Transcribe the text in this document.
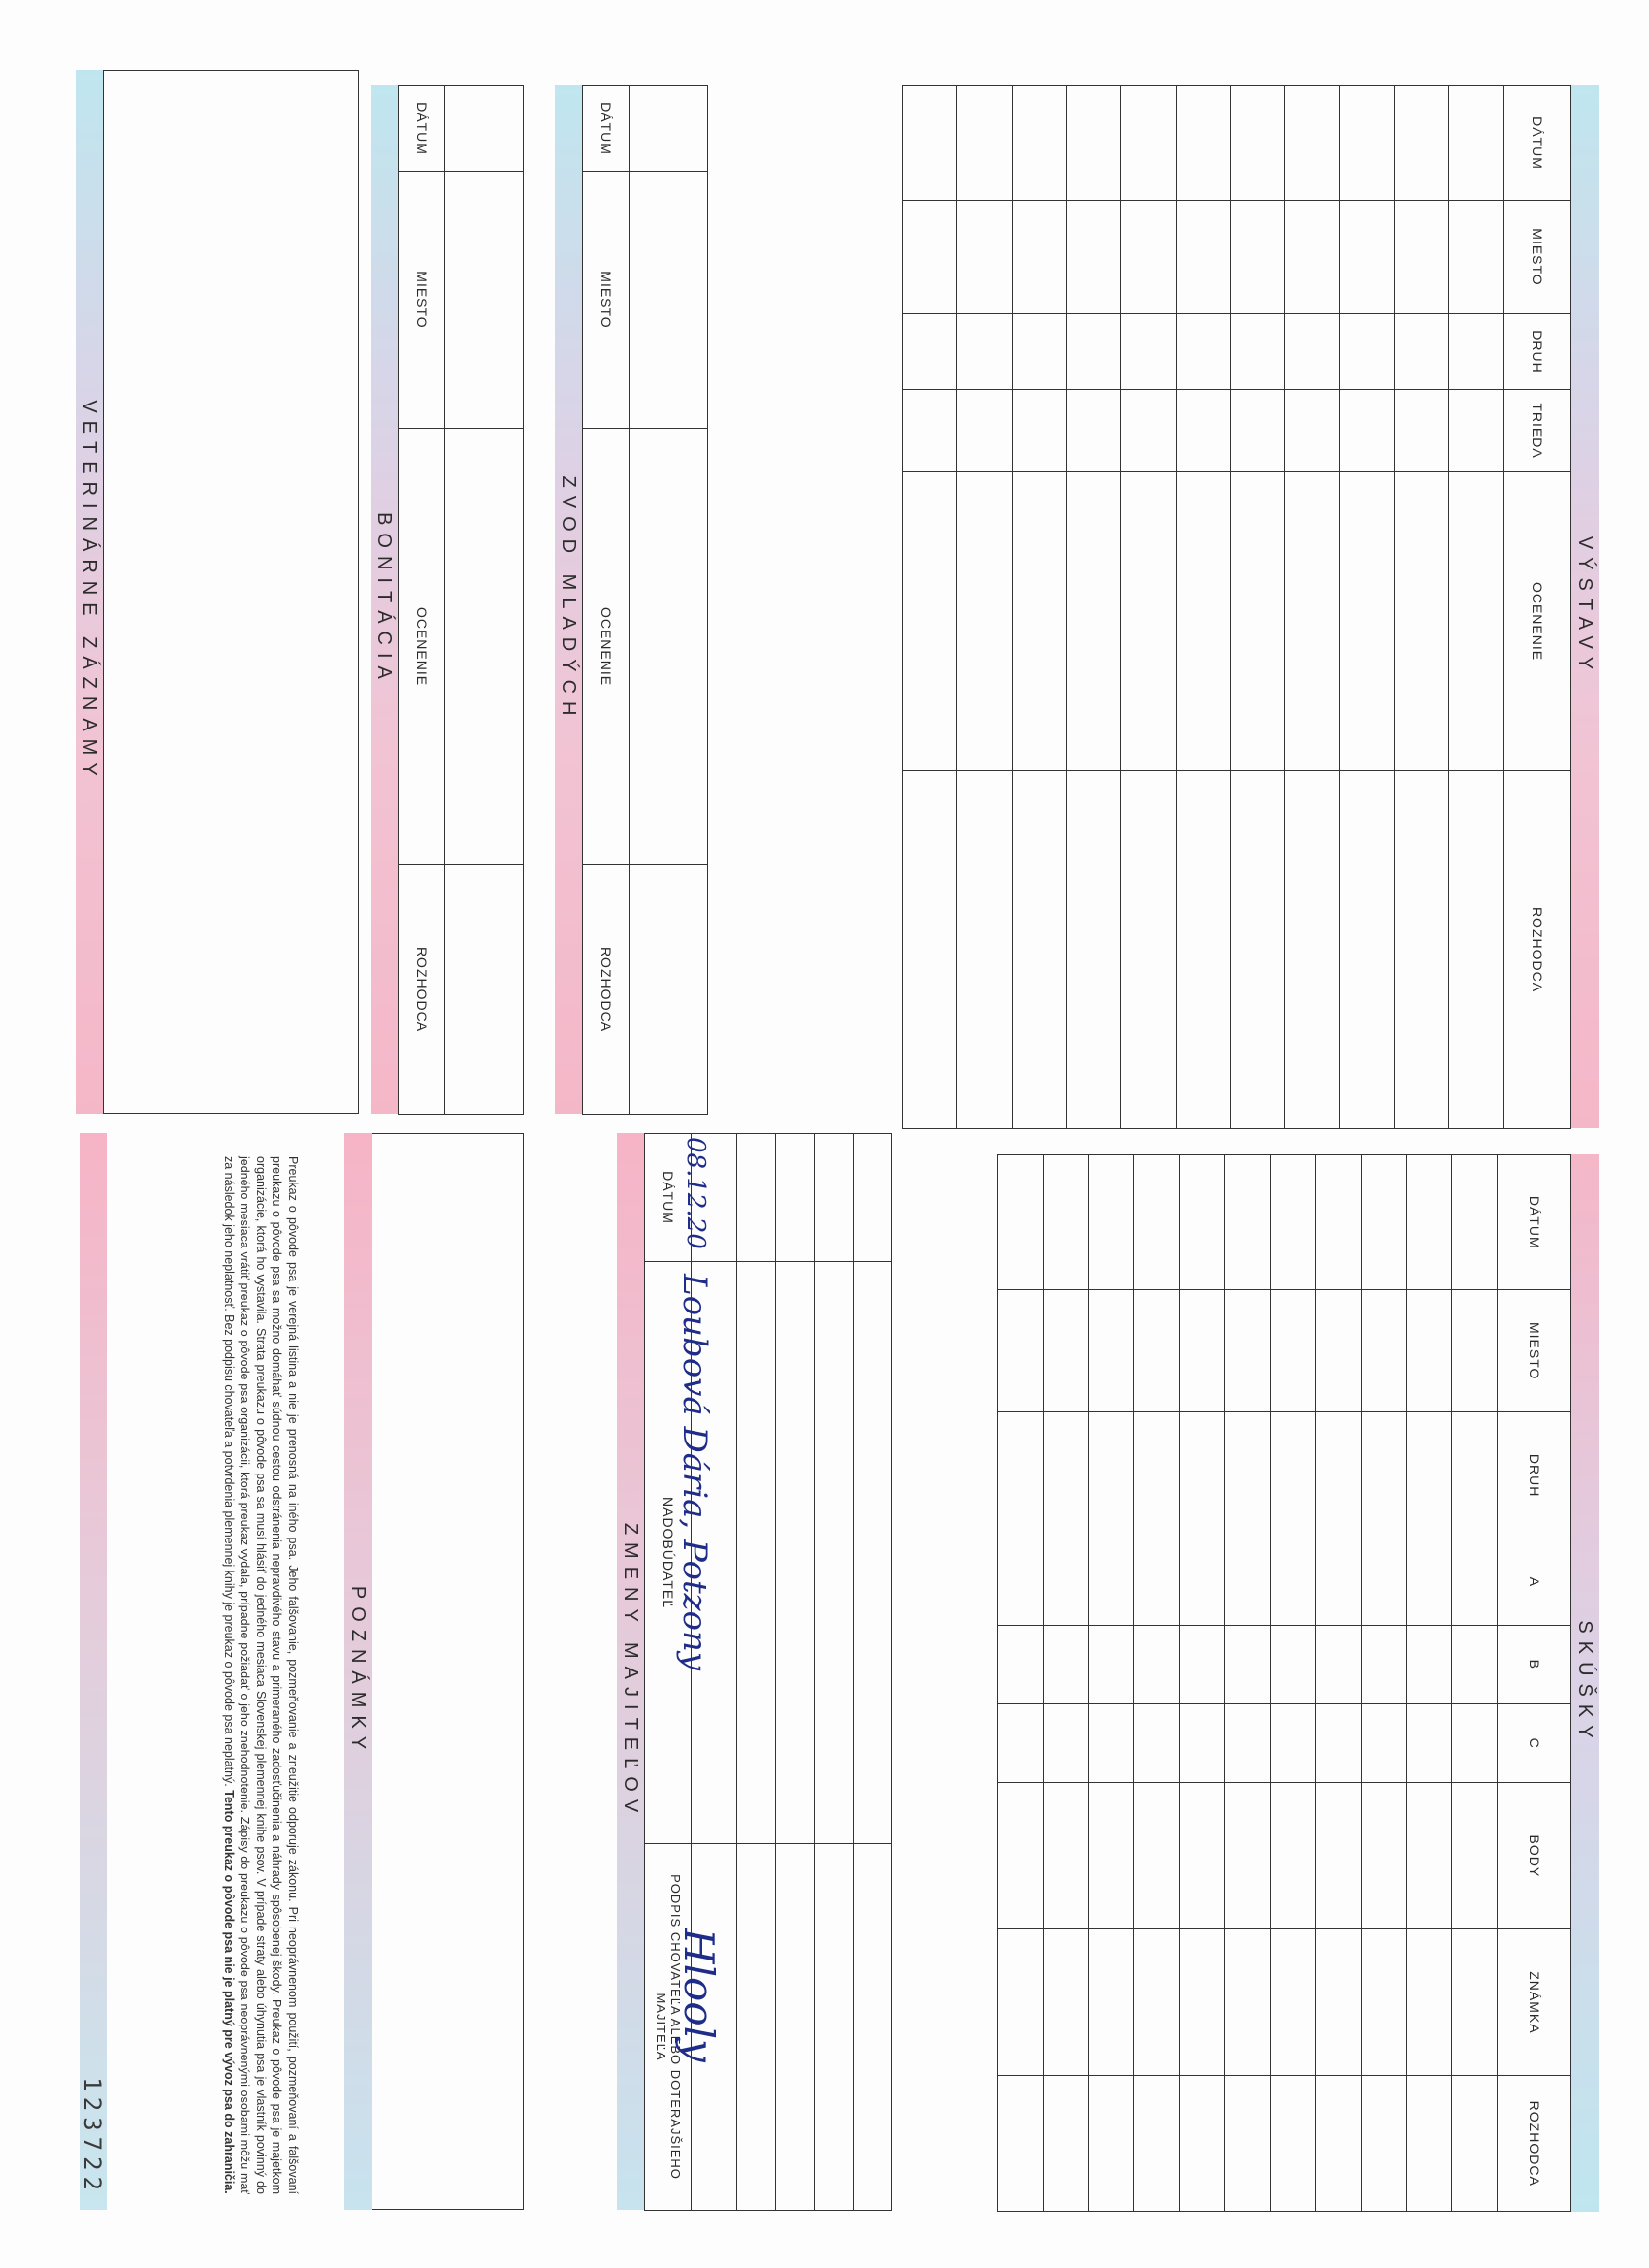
VÝSTAVY
DÁTUM	MIESTO	DRUH	TRIEDA	OCENENIE	ROZHODCA

SKÚŠKY
DÁTUM	MIESTO	DRUH	A	B	C	BODY	ZNÁMKA	ROZHODCA

ZVOD MLADÝCH

DÁTUM	MIESTO	OCENENIE	ROZHODCA
BONITÁCIA

DÁTUM	MIESTO	OCENENIE	ROZHODCA
VETERINÁRNE ZÁZNAMY
ZMENY MAJITEĽOV

DÁTUM	NADOBÚDATEĽ	PODPIS CHOVATEĽA ALEBO DOTERAJŠIEHO MAJITEĽA
08.12.20
Loubová Dária, Potzony
Hlooly
POZNÁMKY
Preukaz o pôvode psa je verejná listina a nie je prenosná na iného psa. Jeho falšovanie, pozmeňovanie a zneužitie odporuje zákonu. Pri neoprávnenom použití, pozmeňovaní a falšovaní preukazu o pôvode psa sa možno domáhať súdnou cestou odstránenia nepravdivého stavu a primeraného zadosťučinenia a náhrady spôsobenej škody. Preukaz o pôvode psa je majetkom organizácie, ktorá ho vystavila. Strata preukazu o pôvode psa sa musí hlásiť do jedného mesiaca Slovenskej plemennej knihe psov. V prípade straty alebo úhynutia psa je vlastník povinný do jedného mesiaca vrátiť preukaz o pôvode psa organizácii, ktorá preukaz vydala, prípadne požiadať o jeho znehodnotenie. Zápisy do preukazu o pôvode psa neoprávnenými osobami môžu mať za následok jeho neplatnosť. Bez podpisu chovateľa a potvrdenia plemennej knihy je preukaz o pôvode psa neplatný. Tento preukaz o pôvode psa nie je platný pre vývoz psa do zahraničia.
123722
